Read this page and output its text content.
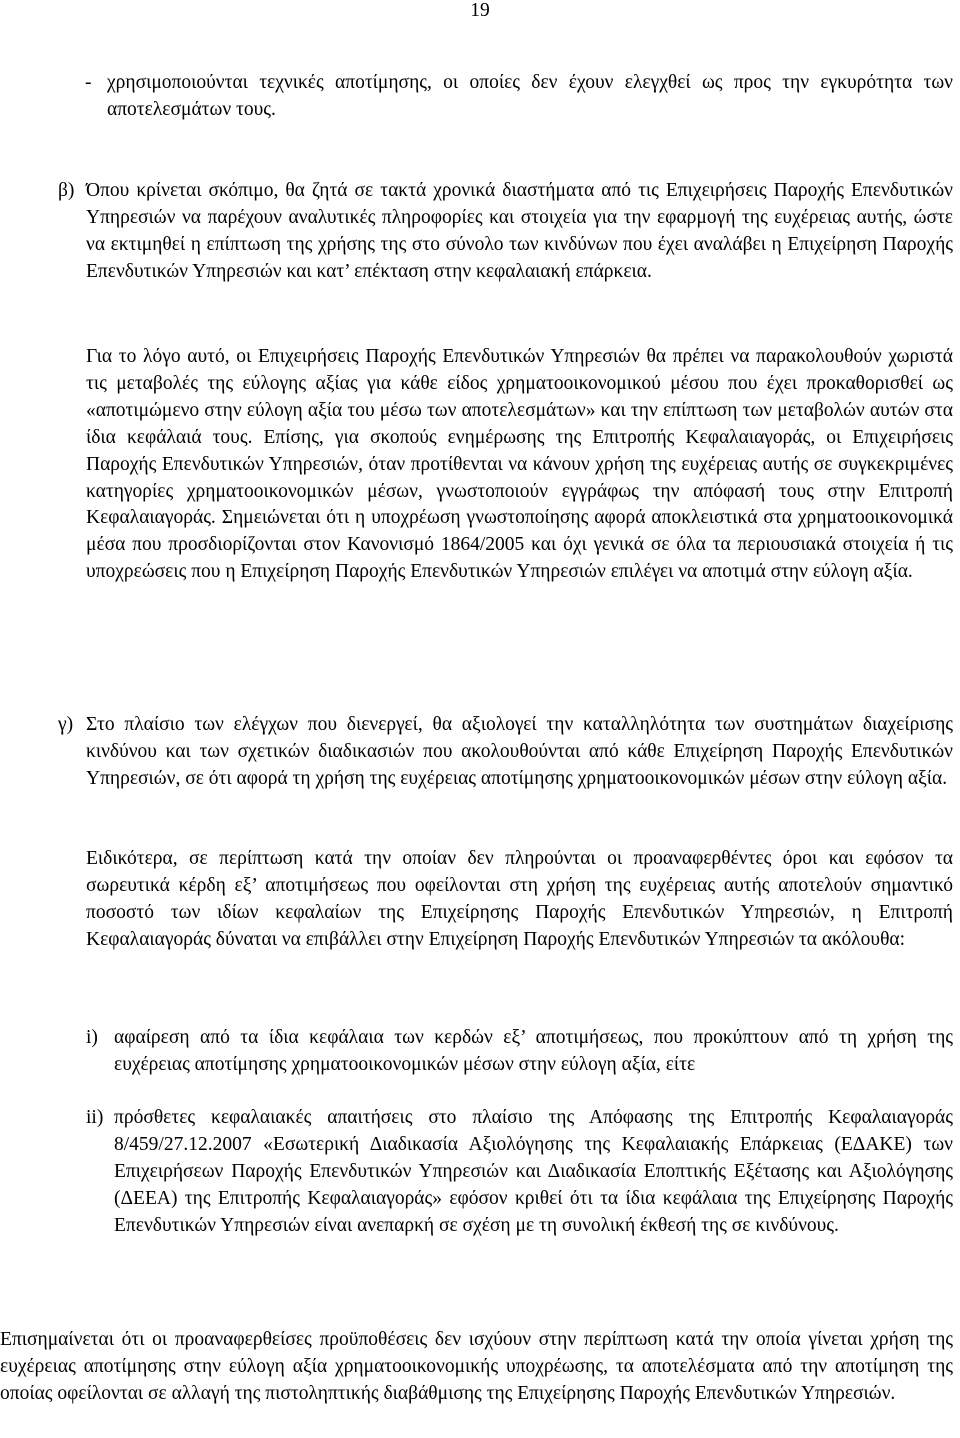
19
- χρησιμοποιούνται τεχνικές αποτίμησης, οι οποίες δεν έχουν ελεγχθεί ως προς την εγκυρότητα των αποτελεσμάτων τους.
β) Όπου κρίνεται σκόπιμο, θα ζητά σε τακτά χρονικά διαστήματα από τις Επιχειρήσεις Παροχής Επενδυτικών Υπηρεσιών να παρέχουν αναλυτικές πληροφορίες και στοιχεία για την εφαρμογή της ευχέρειας αυτής, ώστε να εκτιμηθεί η επίπτωση της χρήσης της στο σύνολο των κινδύνων που έχει αναλάβει η Επιχείρηση Παροχής Επενδυτικών Υπηρεσιών και κατ’ επέκταση στην κεφαλαιακή επάρκεια.

Για το λόγο αυτό, οι Επιχειρήσεις Παροχής Επενδυτικών Υπηρεσιών θα πρέπει να παρακολουθούν χωριστά τις μεταβολές της εύλογης αξίας για κάθε είδος χρηματοοικονομικού μέσου που έχει προκαθορισθεί ως «αποτιμώμενο στην εύλογη αξία του μέσω των αποτελεσμάτων» και την επίπτωση των μεταβολών αυτών στα ίδια κεφάλαιά τους. Επίσης, για σκοπούς ενημέρωσης της Επιτροπής Κεφαλαιαγοράς, οι Επιχειρήσεις Παροχής Επενδυτικών Υπηρεσιών, όταν προτίθενται να κάνουν χρήση της ευχέρειας αυτής σε συγκεκριμένες κατηγορίες χρηματοοικονομικών μέσων, γνωστοποιούν εγγράφως την απόφασή τους στην Επιτροπή Κεφαλαιαγοράς. Σημειώνεται ότι η υποχρέωση γνωστοποίησης αφορά αποκλειστικά στα χρηματοοικονομικά μέσα που προσδιορίζονται στον Κανονισμό 1864/2005 και όχι γενικά σε όλα τα περιουσιακά στοιχεία ή τις υποχρεώσεις που η Επιχείρηση Παροχής Επενδυτικών Υπηρεσιών επιλέγει να αποτιμά στην εύλογη αξία.

γ) Στο πλαίσιο των ελέγχων που διενεργεί, θα αξιολογεί την καταλληλότητα των συστημάτων διαχείρισης κινδύνου και των σχετικών διαδικασιών που ακολουθούνται από κάθε Επιχείρηση Παροχής Επενδυτικών Υπηρεσιών, σε ότι αφορά τη χρήση της ευχέρειας αποτίμησης χρηματοοικονομικών μέσων στην εύλογη αξία.

Ειδικότερα, σε περίπτωση κατά την οποίαν δεν πληρούνται οι προαναφερθέντες όροι και εφόσον τα σωρευτικά κέρδη εξ’ αποτιμήσεως που οφείλονται στη χρήση της ευχέρειας αυτής αποτελούν σημαντικό ποσοστό των ιδίων κεφαλαίων της Επιχείρησης Παροχής Επενδυτικών Υπηρεσιών, η Επιτροπή Κεφαλαιαγοράς δύναται να επιβάλλει στην Επιχείρηση Παροχής Επενδυτικών Υπηρεσιών τα ακόλουθα:

i) αφαίρεση από τα ίδια κεφάλαια των κερδών εξ’ αποτιμήσεως, που προκύπτουν από τη χρήση της ευχέρειας αποτίμησης χρηματοοικονομικών μέσων στην εύλογη αξία, είτε
ii) πρόσθετες κεφαλαιακές απαιτήσεις στο πλαίσιο της Απόφασης της Επιτροπής Κεφαλαιαγοράς 8/459/27.12.2007 «Εσωτερική Διαδικασία Αξιολόγησης της Κεφαλαιακής Επάρκειας (ΕΔΑΚΕ) των Επιχειρήσεων Παροχής Επενδυτικών Υπηρεσιών και Διαδικασία Εποπτικής Εξέτασης και Αξιολόγησης (ΔΕΕΑ) της Επιτροπής Κεφαλαιαγοράς» εφόσον κριθεί ότι τα ίδια κεφάλαια της Επιχείρησης Παροχής Επενδυτικών Υπηρεσιών είναι ανεπαρκή σε σχέση με τη συνολική έκθεσή της σε κινδύνους.

Επισημαίνεται ότι οι προαναφερθείσες προϋποθέσεις δεν ισχύουν στην περίπτωση κατά την οποία γίνεται χρήση της ευχέρειας αποτίμησης στην εύλογη αξία χρηματοοικονομικής υποχρέωσης, τα αποτελέσματα από την αποτίμηση της οποίας οφείλονται σε αλλαγή της πιστοληπτικής διαβάθμισης της Επιχείρησης Παροχής Επενδυτικών Υπηρεσιών.
